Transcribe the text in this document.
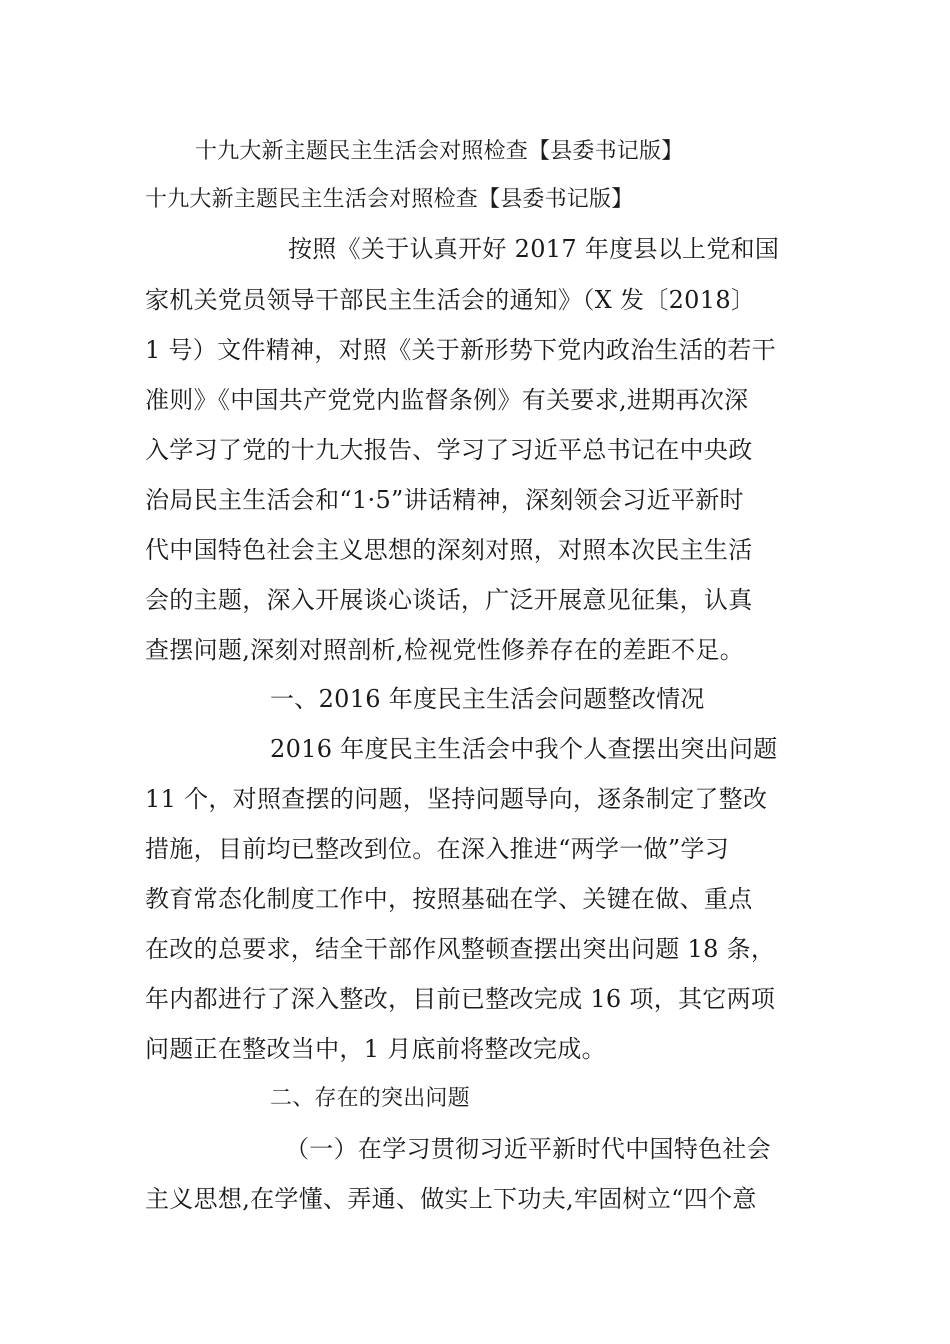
十九大新主题民主生活会对照检查【县委书记版】
十九大新主题民主生活会对照检查【县委书记版】
按照《关于认真开好 2017 年度县以上党和国
家机关党员领导干部民主生活会的通知》（X 发〔2018〕
1 号）文件精神，对照《关于新形势下党内政治生活的若干
准则》《中国共产党党内监督条例》有关要求,进期再次深
入学习了党的十九大报告、学习了习近平总书记在中央政
治局民主生活会和“1·5”讲话精神，深刻领会习近平新时
代中国特色社会主义思想的深刻对照，对照本次民主生活
会的主题，深入开展谈心谈话，广泛开展意见征集，认真
查摆问题,深刻对照剖析,检视党性修养存在的差距不足。
一、2016 年度民主生活会问题整改情况
2016 年度民主生活会中我个人查摆出突出问题
11 个，对照查摆的问题，坚持问题导向，逐条制定了整改
措施，目前均已整改到位。在深入推进“两学一做”学习
教育常态化制度工作中，按照基础在学、关键在做、重点
在改的总要求，结全干部作风整顿查摆出突出问题 18 条，
年内都进行了深入整改，目前已整改完成 16 项，其它两项
问题正在整改当中，1 月底前将整改完成。
二、存在的突出问题
（一）在学习贯彻习近平新时代中国特色社会
主义思想,在学懂、弄通、做实上下功夫,牢固树立“四个意
